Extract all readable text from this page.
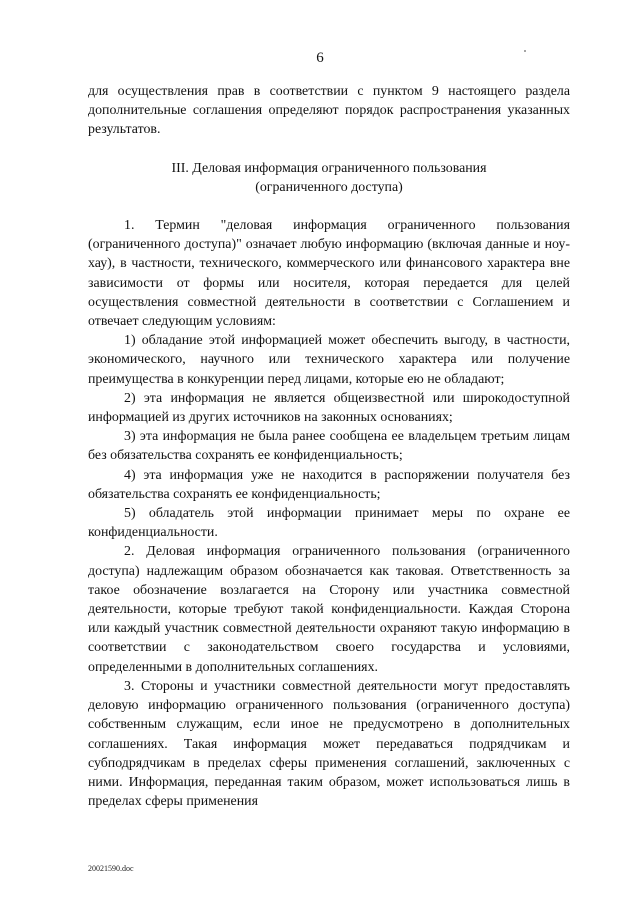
6

для осуществления прав в соответствии с пунктом 9 настоящего раздела дополнительные соглашения определяют порядок распространения указанных результатов.

III. Деловая информация ограниченного пользования
(ограниченного доступа)

1. Термин "деловая информация ограниченного пользования (ограниченного доступа)" означает любую информацию (включая данные и ноу-хау), в частности, технического, коммерческого или финансового характера вне зависимости от формы или носителя, которая передается для целей осуществления совместной деятельности в соответствии с Соглашением и отвечает следующим условиям:

1) обладание этой информацией может обеспечить выгоду, в частности, экономического, научного или технического характера или получение преимущества в конкуренции перед лицами, которые ею не обладают;

2) эта информация не является общеизвестной или широкодоступной информацией из других источников на законных основаниях;

3) эта информация не была ранее сообщена ее владельцем третьим лицам без обязательства сохранять ее конфиденциальность;

4) эта информация уже не находится в распоряжении получателя без обязательства сохранять ее конфиденциальность;

5) обладатель этой информации принимает меры по охране ее конфиденциальности.

2. Деловая информация ограниченного пользования (ограниченного доступа) надлежащим образом обозначается как таковая. Ответственность за такое обозначение возлагается на Сторону или участника совместной деятельности, которые требуют такой конфиденциальности. Каждая Сторона или каждый участник совместной деятельности охраняют такую информацию в соответствии с законодательством своего государства и условиями, определенными в дополнительных соглашениях.

3. Стороны и участники совместной деятельности могут предоставлять деловую информацию ограниченного пользования (ограниченного доступа) собственным служащим, если иное не предусмотрено в дополнительных соглашениях. Такая информация может передаваться подрядчикам и субподрядчикам в пределах сферы применения соглашений, заключенных с ними. Информация, переданная таким образом, может использоваться лишь в пределах сферы применения

20021590.doc
